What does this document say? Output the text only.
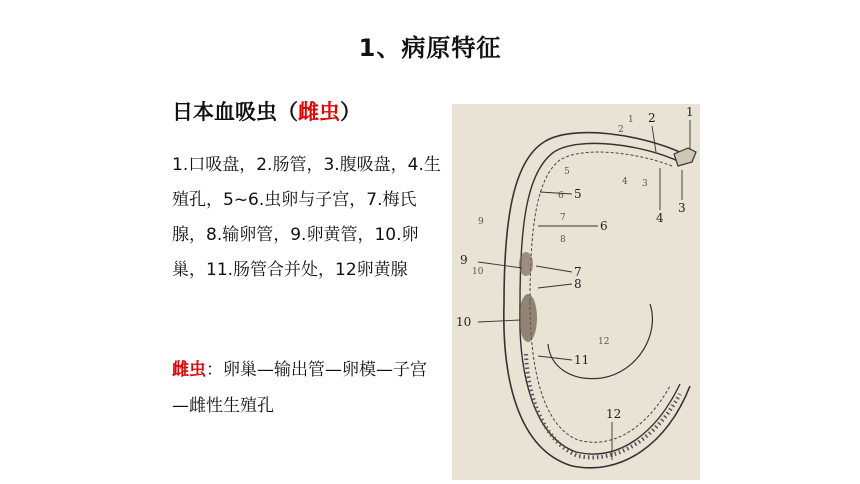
1、病原特征
日本血吸虫（雌虫）
1.口吸盘，2.肠管，3.腹吸盘，4.生殖孔，5~6.虫卵与子宫，7.梅氏腺，8.输卵管，9.卵黄管，10.卵巢，11.肠管合并处，12卵黄腺
雌虫：卵巢—输出管—卵模—子宫—雌性生殖孔
1
2
3
4
5
6
7
8
9
10
11
12
1
2
3
4
5
6
7
8
9
10
12
